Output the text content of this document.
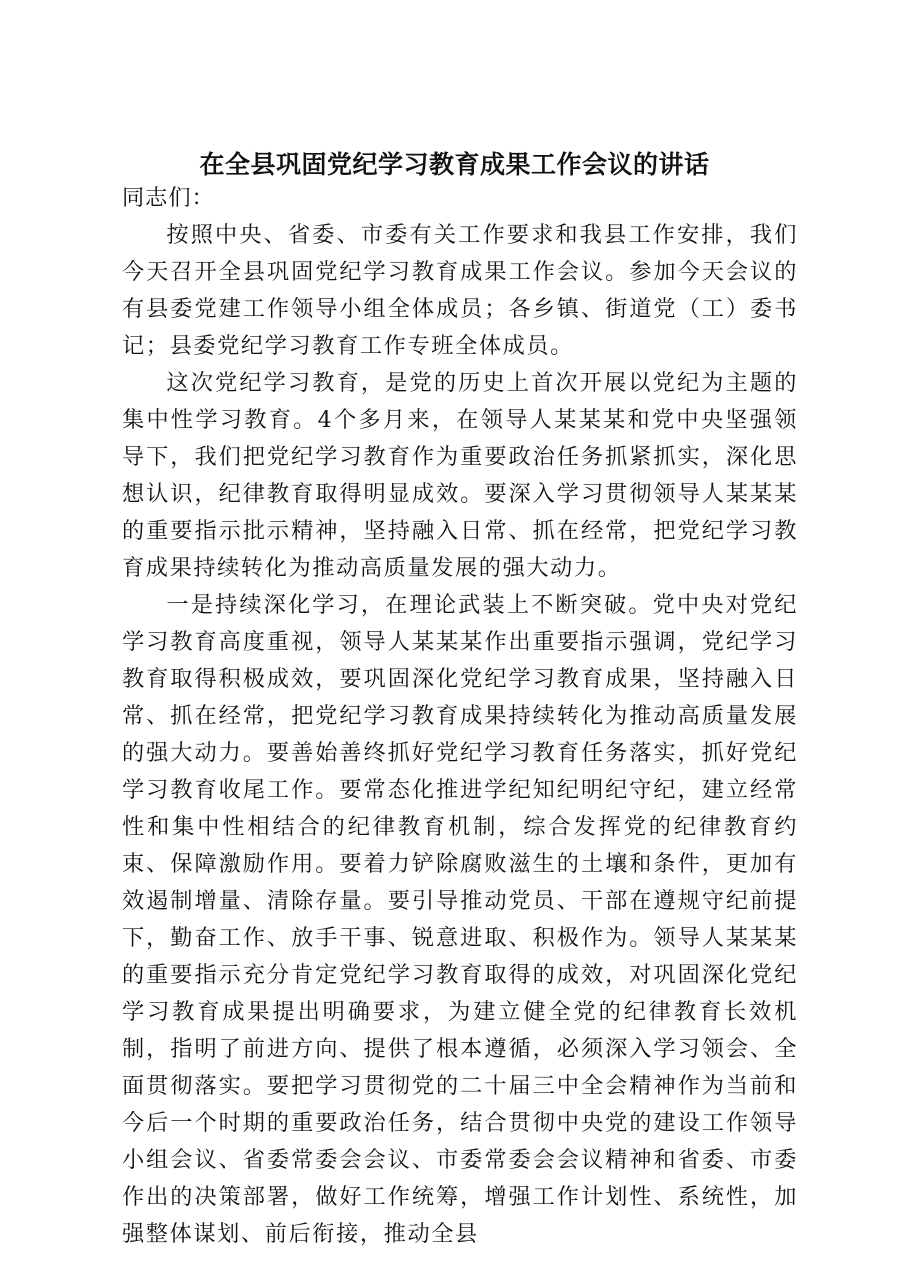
在全县巩固党纪学习教育成果工作会议的讲话

同志们：

按照中央、省委、市委有关工作要求和我县工作安排，我们今天召开全县巩固党纪学习教育成果工作会议。参加今天会议的有县委党建工作领导小组全体成员；各乡镇、街道党（工）委书记；县委党纪学习教育工作专班全体成员。

这次党纪学习教育，是党的历史上首次开展以党纪为主题的集中性学习教育。4个多月来，在领导人某某某和党中央坚强领导下，我们把党纪学习教育作为重要政治任务抓紧抓实，深化思想认识，纪律教育取得明显成效。要深入学习贯彻领导人某某某的重要指示批示精神，坚持融入日常、抓在经常，把党纪学习教育成果持续转化为推动高质量发展的强大动力。

一是持续深化学习，在理论武装上不断突破。党中央对党纪学习教育高度重视，领导人某某某作出重要指示强调，党纪学习教育取得积极成效，要巩固深化党纪学习教育成果，坚持融入日常、抓在经常，把党纪学习教育成果持续转化为推动高质量发展的强大动力。要善始善终抓好党纪学习教育任务落实，抓好党纪学习教育收尾工作。要常态化推进学纪知纪明纪守纪，建立经常性和集中性相结合的纪律教育机制，综合发挥党的纪律教育约束、保障激励作用。要着力铲除腐败滋生的土壤和条件，更加有效遏制增量、清除存量。要引导推动党员、干部在遵规守纪前提下，勤奋工作、放手干事、锐意进取、积极作为。领导人某某某的重要指示充分肯定党纪学习教育取得的成效，对巩固深化党纪学习教育成果提出明确要求，为建立健全党的纪律教育长效机制，指明了前进方向、提供了根本遵循，必须深入学习领会、全面贯彻落实。要把学习贯彻党的二十届三中全会精神作为当前和今后一个时期的重要政治任务，结合贯彻中央党的建设工作领导小组会议、省委常委会会议、市委常委会会议精神和省委、市委作出的决策部署，做好工作统筹，增强工作计划性、系统性，加强整体谋划、前后衔接，推动全县
